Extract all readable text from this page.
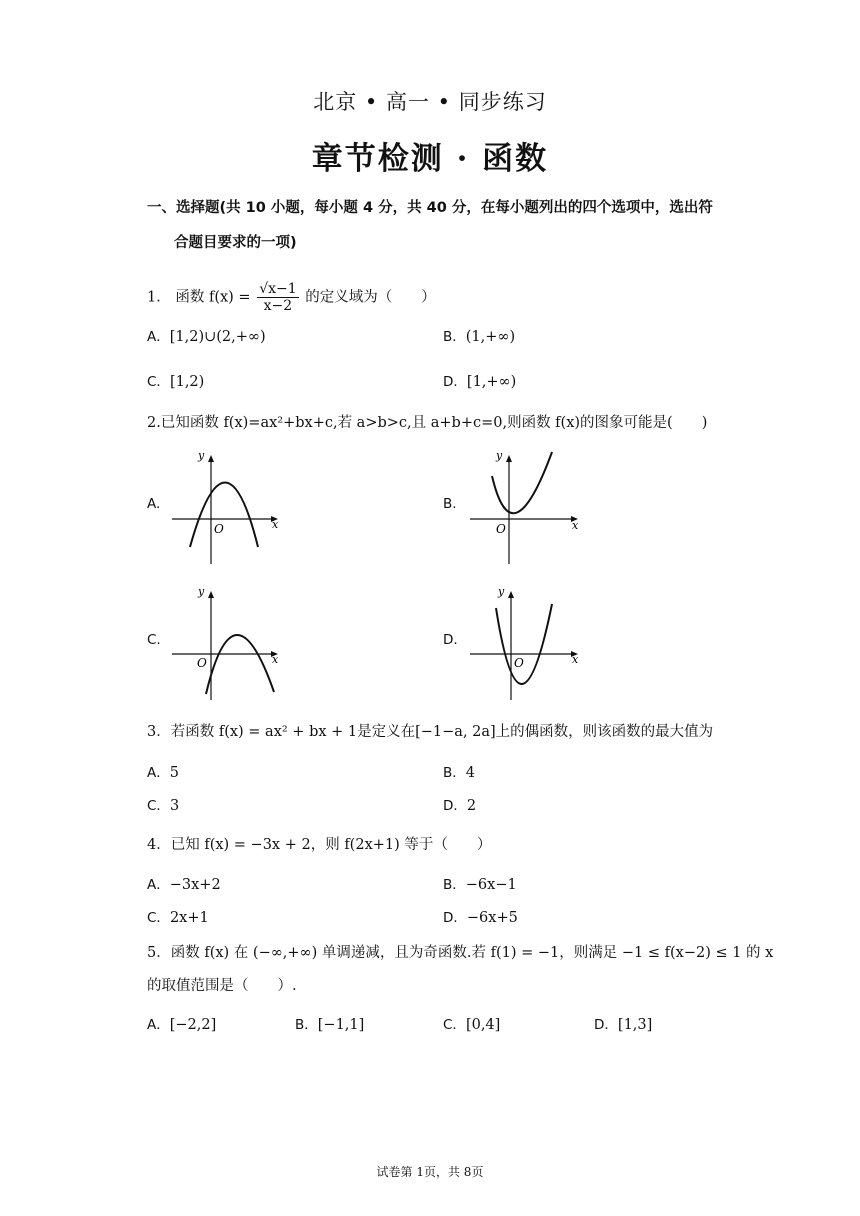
北京 • 高一 • 同步练习
章节检测 · 函数
一、选择题(共 10 小题，每小题 4 分，共 40 分，在每小题列出的四个选项中，选出符
合题目要求的一项)
1． 函数 $f(x) = \frac{√x-1}{x-2}$ 的定义域为（　　）
A．[1,2)∪(2,+∞)	B．(1,+∞)
C．[1,2)	D．[1,+∞)
2.已知函数 f(x)=ax²+bx+c,若 a>b>c,且 a+b+c=0,则函数 f(x)的图象可能是(　　)
A.	B.
C.	D.
x
y
O	x
y
O
x
y
O	x
y
O
3．若函数 f(x) = ax² + bx + 1是定义在[−1−a, 2a]上的偶函数，则该函数的最大值为
A．5	B．4
C．3	D．2
4．已知 f(x) = −3x + 2，则 f(2x+1) 等于（　　）
A．−3x+2	B．−6x−1
C．2x+1	D．−6x+5
5．函数 f(x) 在 (−∞,+∞) 单调递减，且为奇函数.若 f(1) = −1，则满足 −1 ≤ f(x−2) ≤ 1 的 x
的取值范围是（　　）.
A．[−2,2]	B．[−1,1]	C．[0,4]	D．[1,3]
试卷第 1页，共 8页
